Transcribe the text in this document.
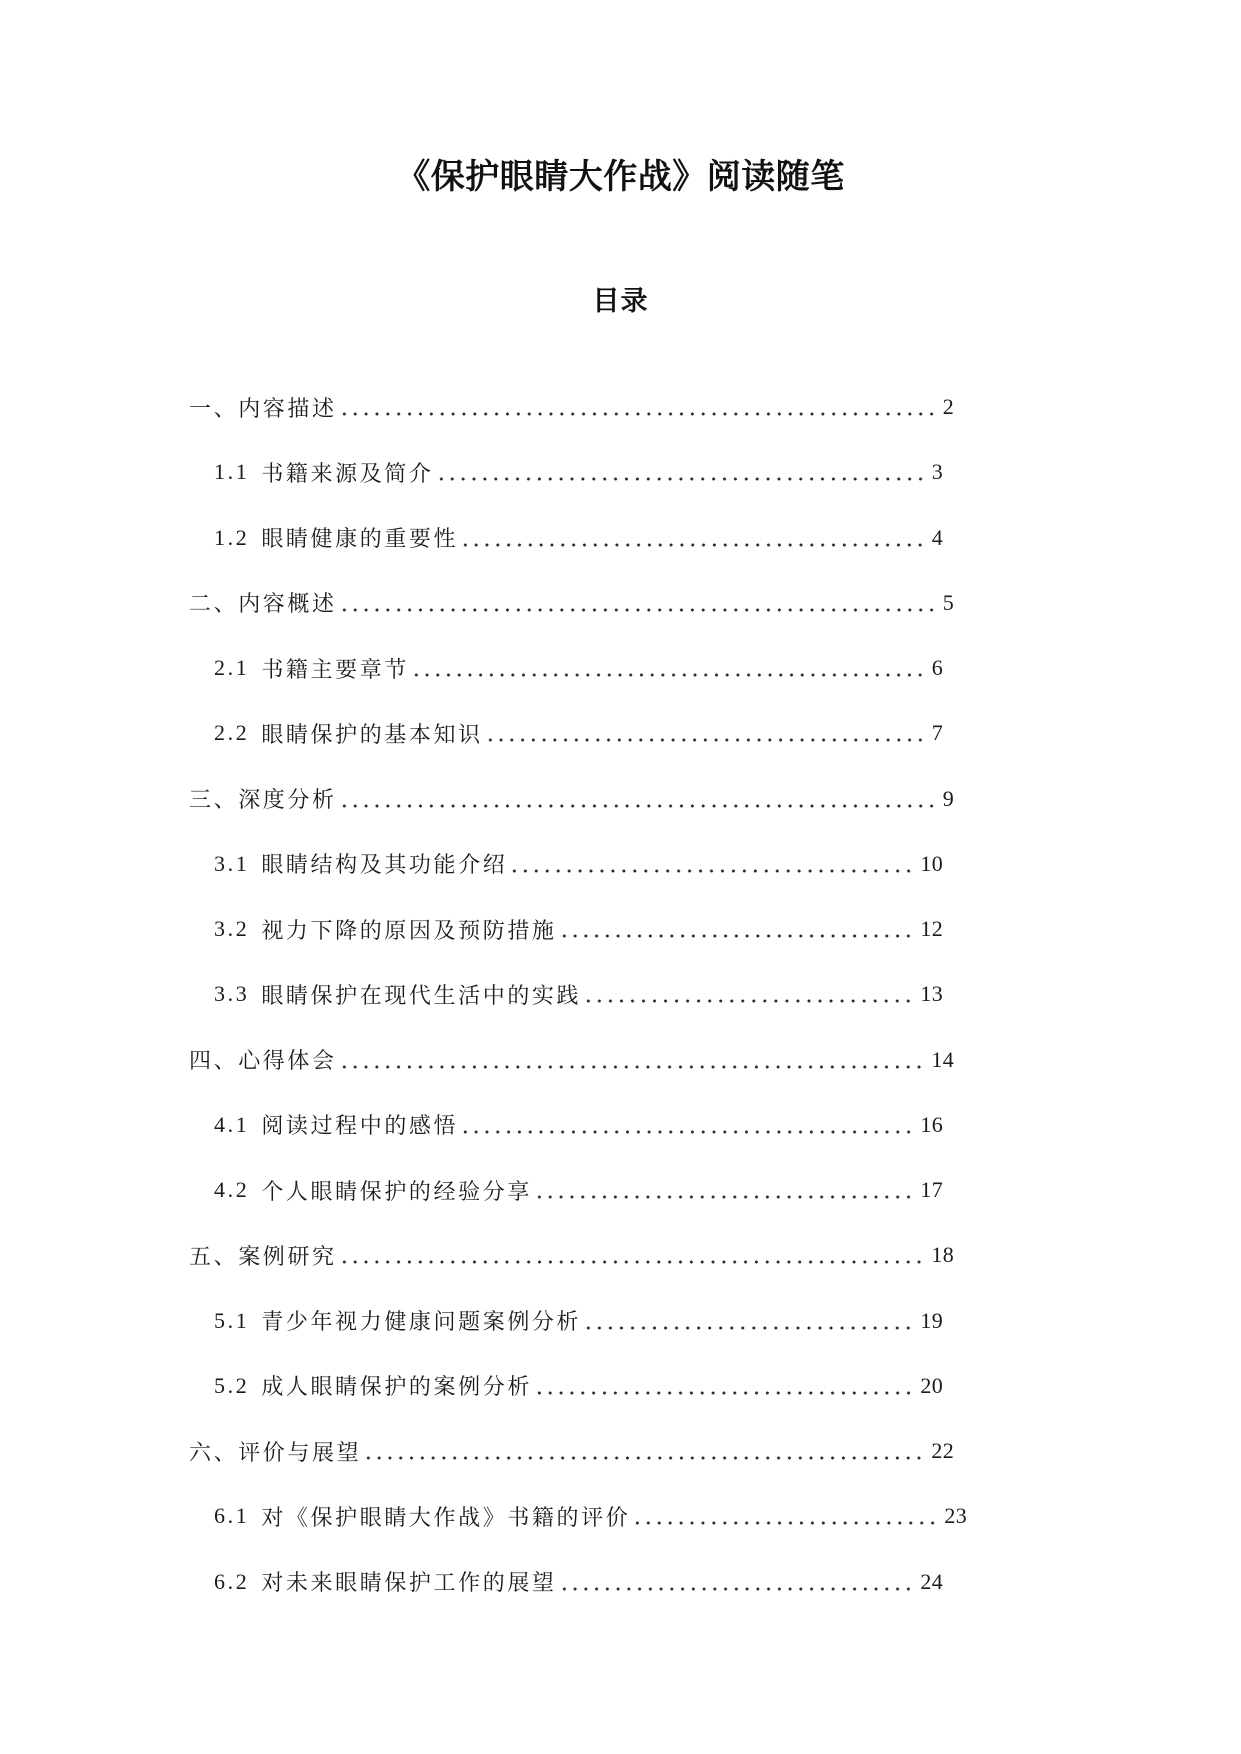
《保护眼睛大作战》阅读随笔
目录
一、内容描述	2
1.1 书籍来源及简介	3
1.2 眼睛健康的重要性	4
二、内容概述	5
2.1 书籍主要章节	6
2.2 眼睛保护的基本知识	7
三、深度分析	9
3.1 眼睛结构及其功能介绍	10
3.2 视力下降的原因及预防措施	12
3.3 眼睛保护在现代生活中的实践	13
四、心得体会	14
4.1 阅读过程中的感悟	16
4.2 个人眼睛保护的经验分享	17
五、案例研究	18
5.1 青少年视力健康问题案例分析	19
5.2 成人眼睛保护的案例分析	20
六、评价与展望	22
6.1 对《保护眼睛大作战》书籍的评价	23
6.2 对未来眼睛保护工作的展望	24
